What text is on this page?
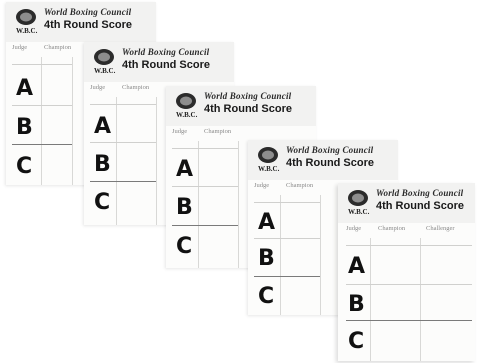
W.B.C.
World Boxing Council
4th Round Score
Judge	Champion
A
B
C
W.B.C.
World Boxing Council
4th Round Score
Judge	Champion
A
B
C
W.B.C.
World Boxing Council
4th Round Score
Judge	Champion
A
B
C
W.B.C.
World Boxing Council
4th Round Score
Judge	Champion
A
B
C
W.B.C.
World Boxing Council
4th Round Score
Judge	Champion	Challenger
A
B
C
